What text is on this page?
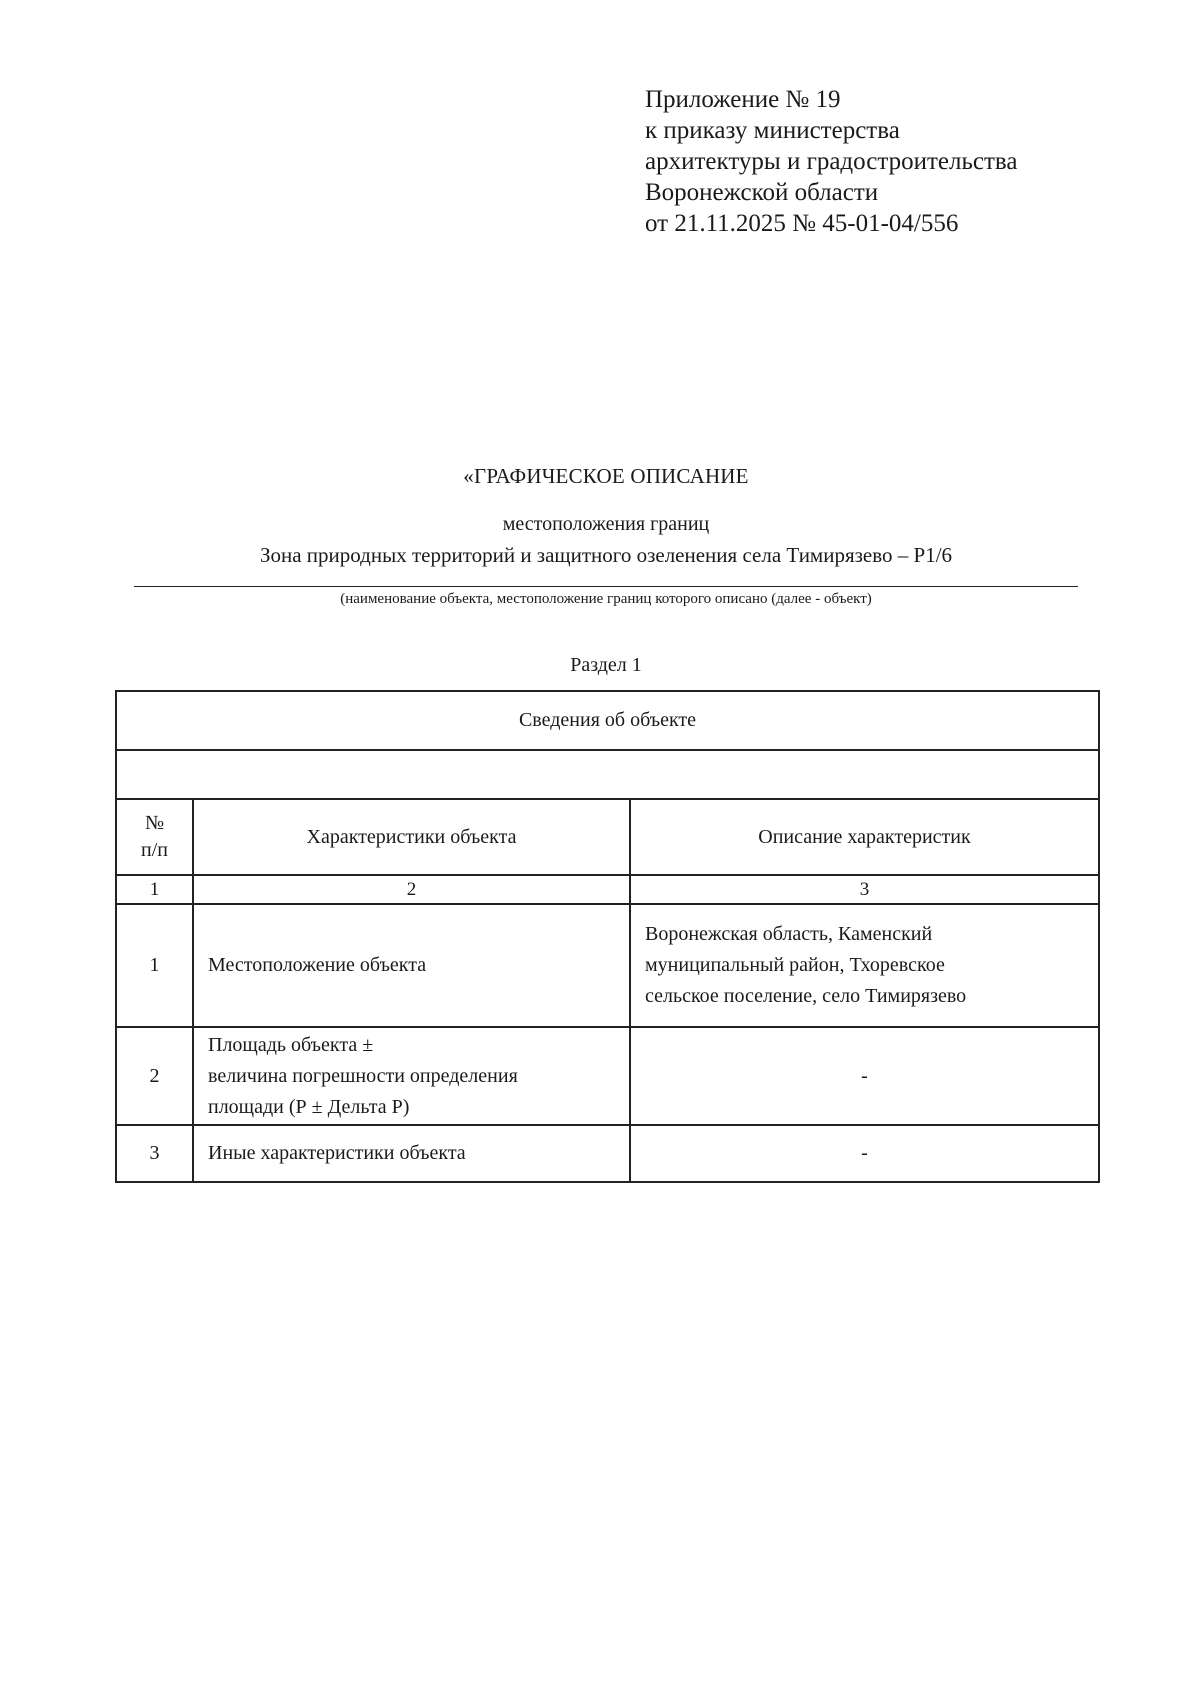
Приложение № 19
к приказу министерства
архитектуры и градостроительства
Воронежской области
от 21.11.2025 № 45-01-04/556
«ГРАФИЧЕСКОЕ ОПИСАНИЕ
местоположения границ
Зона природных территорий и защитного озеленения села Тимирязево – Р1/6
(наименование объекта, местоположение границ которого описано (далее - объект)
Раздел 1
Сведения об объекте		

№
п/п	Характеристики объекта	Описание характеристик
1	2	3
1	Местоположение объекта	Воронежская область, Каменский
муниципальный район, Тхоревское
сельское поселение, село Тимирязево

2	Площадь объекта ±
величина погрешности определения
площади (Р ± Дельта Р)	-
3	Иные характеристики объекта	-
